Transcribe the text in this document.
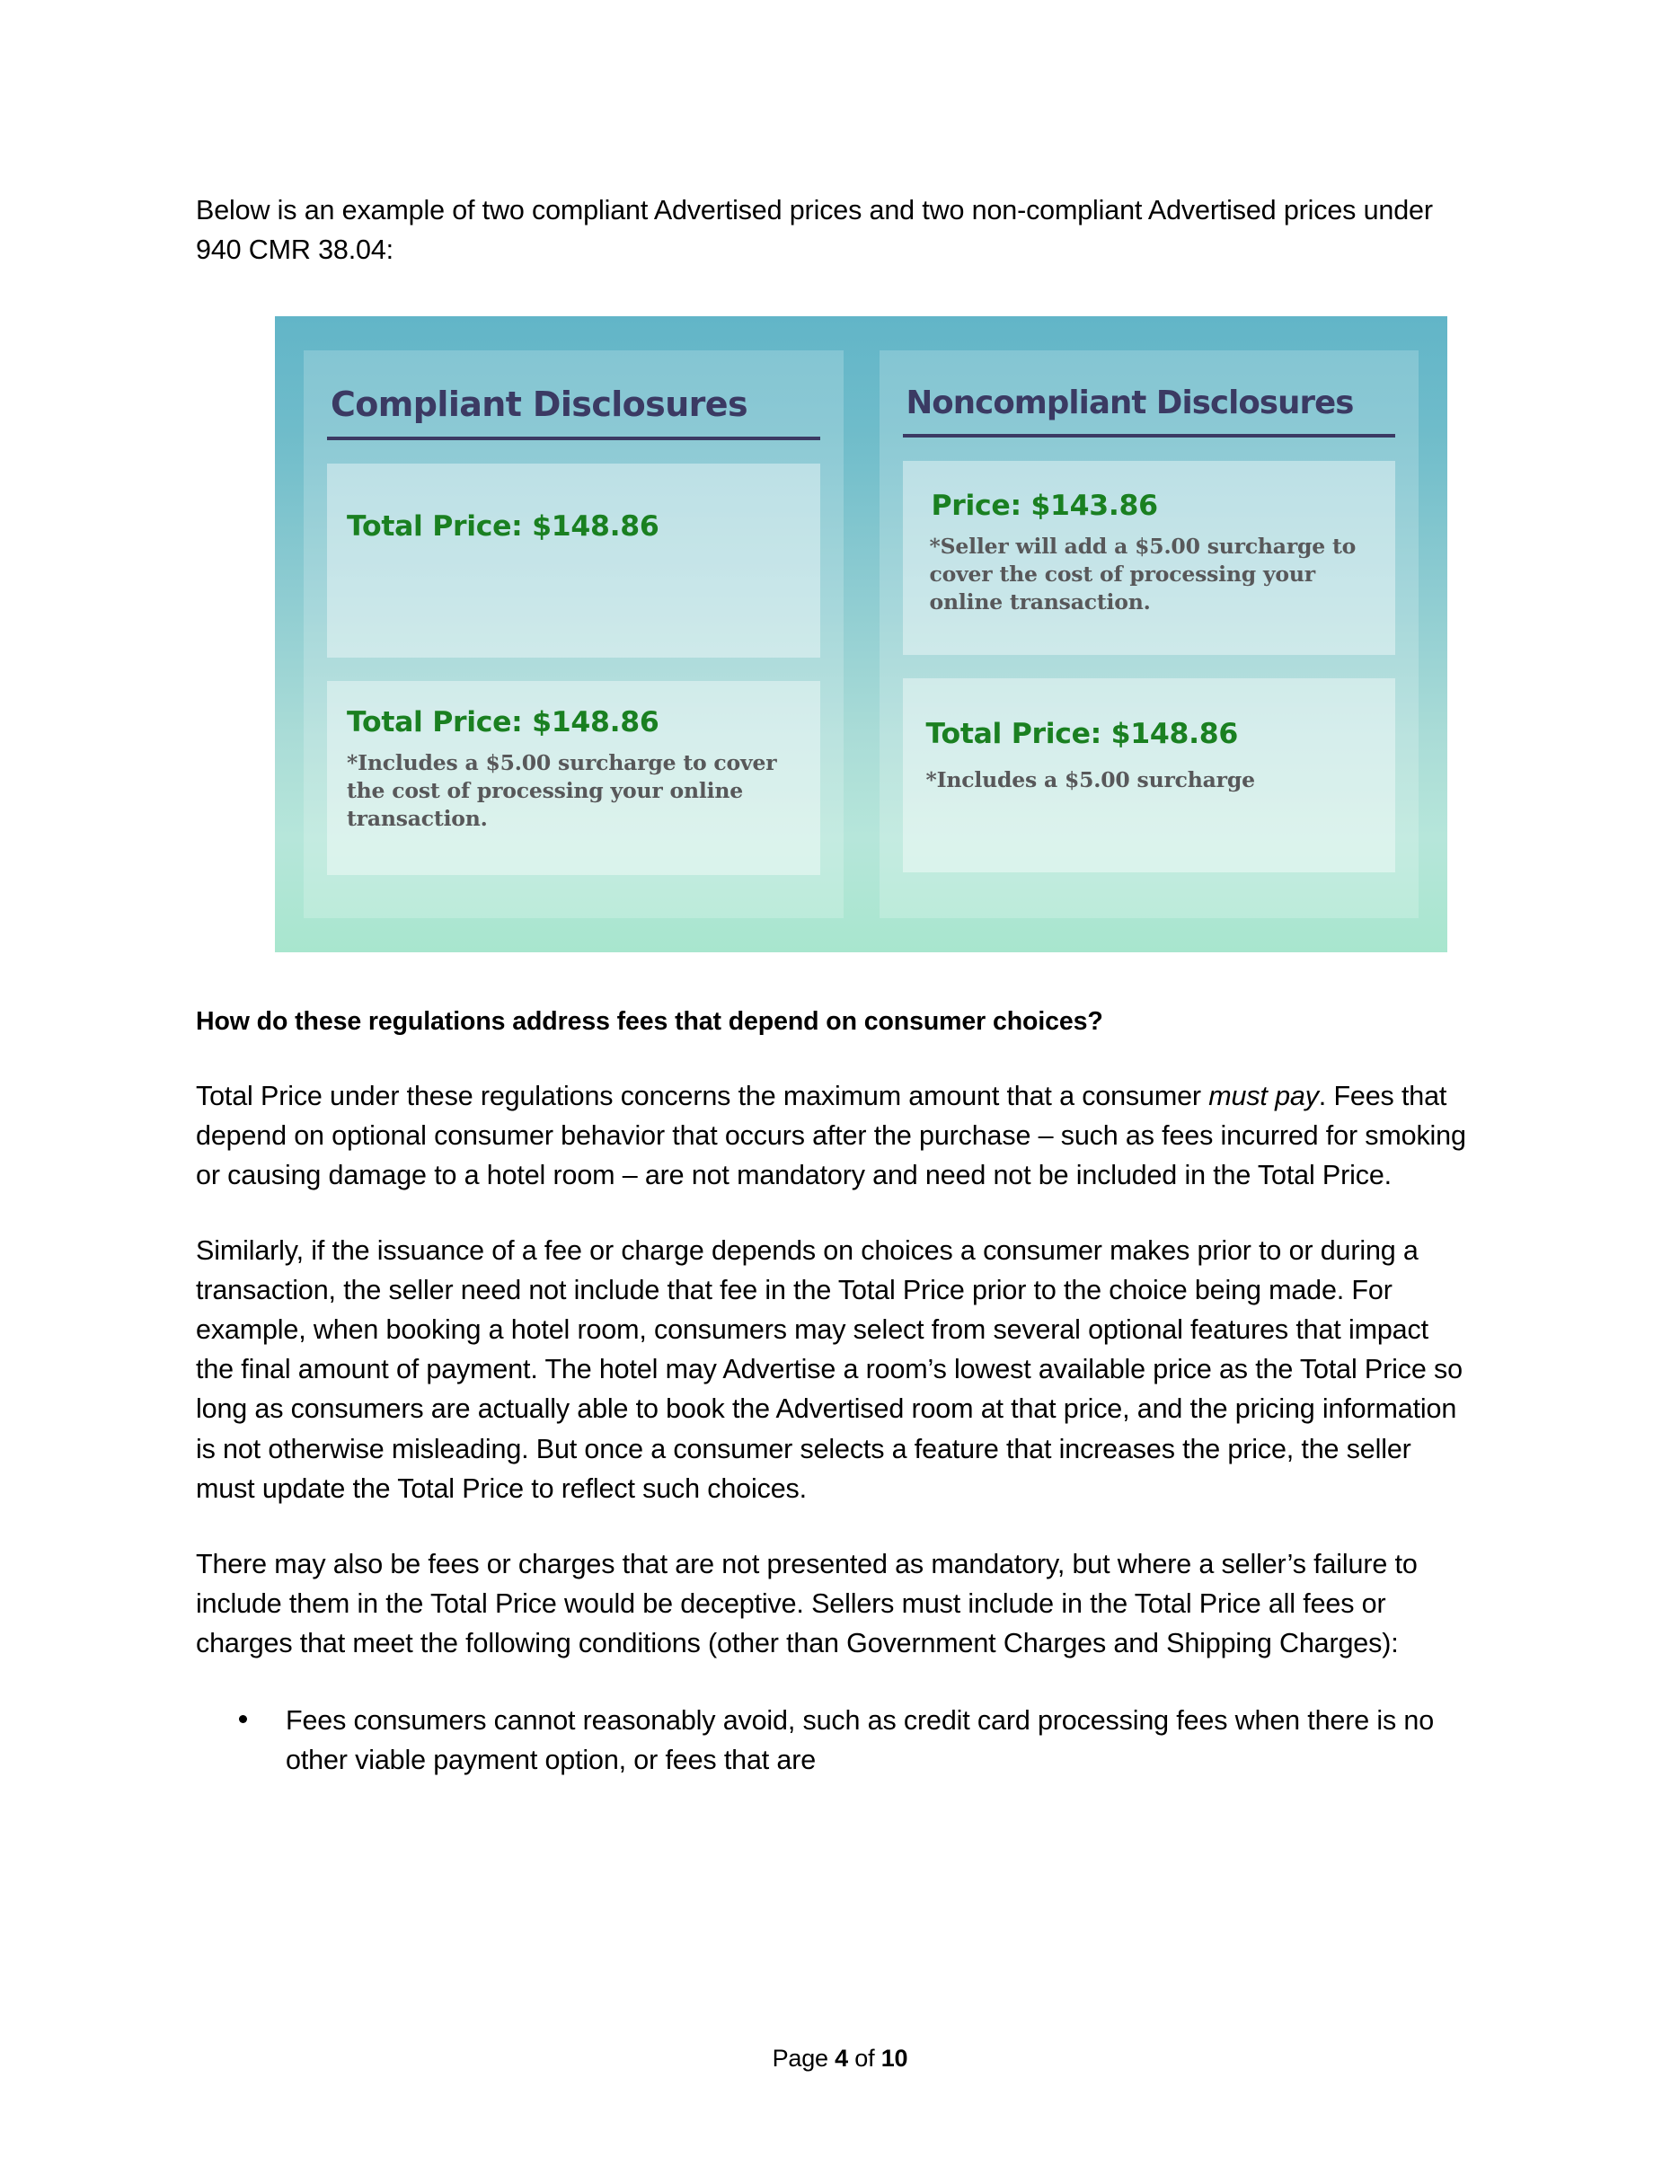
Below is an example of two compliant Advertised prices and two non-compliant Advertised prices under 940 CMR 38.04:

Compliant Disclosures

Total Price: $148.86

Total Price: $148.86

*Includes a $5.00 surcharge to cover the cost of processing your online transaction.

Noncompliant Disclosures

Price: $143.86

*Seller will add a $5.00 surcharge to cover the cost of processing your online transaction.

Total Price: $148.86

*Includes a $5.00 surcharge

How do these regulations address fees that depend on consumer choices?

Total Price under these regulations concerns the maximum amount that a consumer must pay. Fees that depend on optional consumer behavior that occurs after the purchase – such as fees incurred for smoking or causing damage to a hotel room – are not mandatory and need not be included in the Total Price.

Similarly, if the issuance of a fee or charge depends on choices a consumer makes prior to or during a transaction, the seller need not include that fee in the Total Price prior to the choice being made. For example, when booking a hotel room, consumers may select from several optional features that impact the final amount of payment. The hotel may Advertise a room’s lowest available price as the Total Price so long as consumers are actually able to book the Advertised room at that price, and the pricing information is not otherwise misleading. But once a consumer selects a feature that increases the price, the seller must update the Total Price to reflect such choices.

There may also be fees or charges that are not presented as mandatory, but where a seller’s failure to include them in the Total Price would be deceptive. Sellers must include in the Total Price all fees or charges that meet the following conditions (other than Government Charges and Shipping Charges):

Fees consumers cannot reasonably avoid, such as credit card processing fees when there is no other viable payment option, or fees that are
Page 4 of 10
